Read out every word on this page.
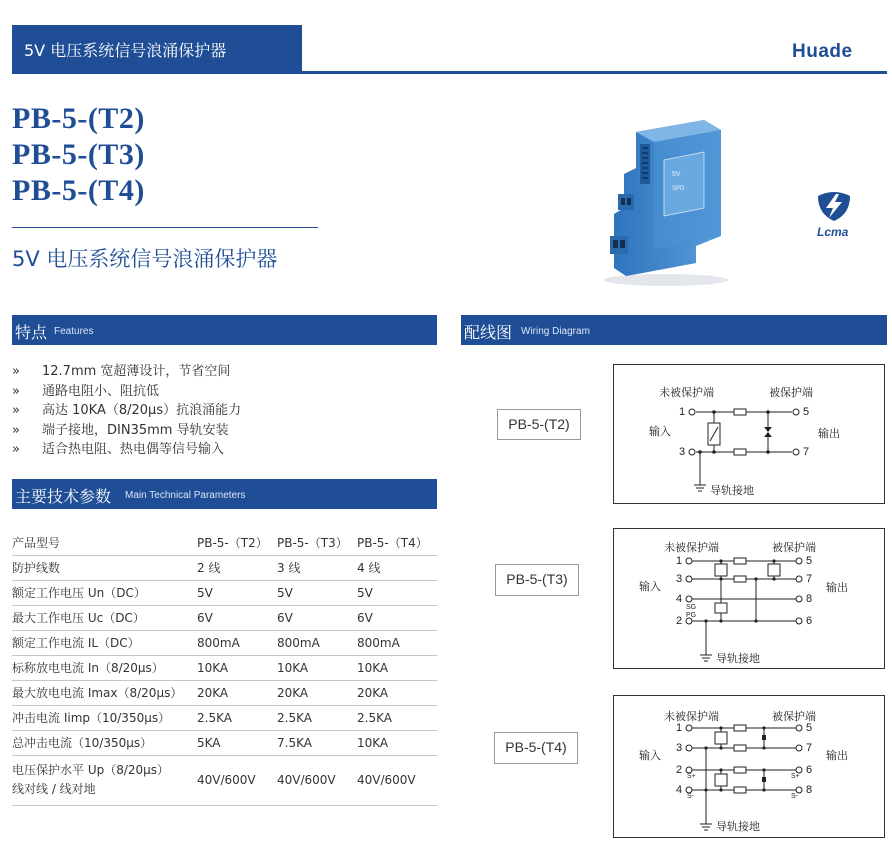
5V 电压系统信号浪涌保护器	Huade
PB-5-(T2)
PB-5-(T3)
PB-5-(T4)
5V 电压系统信号浪涌保护器
5V
SPD
Lcma
特点 Features
» 12.7mm 宽超薄设计，节省空间
» 通路电阻小、阻抗低
» 高达 10KA（8/20μs）抗浪涌能力
» 端子接地，DIN35mm 导轨安装
» 适合热电阻、热电偶等信号输入
主要技术参数 Main Technical Parameters
产品型号	PB-5-（T2）	PB-5-（T3）	PB-5-（T4）
防护线数	2 线	3 线	4 线
额定工作电压 Un（DC）	5V	5V	5V
最大工作电压 Uc（DC）	6V	6V	6V
额定工作电流 IL（DC）	800mA	800mA	800mA
标称放电电流 In（8/20μs）	10KA	10KA	10KA
最大放电电流 Imax（8/20μs）	20KA	20KA	20KA
冲击电流 Iimp（10/350μs）	2.5KA	2.5KA	2.5KA
总冲击电流（10/350μs）	5KA	7.5KA	10KA

电压保护水平 Up（8/20μs）
线对线 / 线对地	40V/600V	40V/600V	40V/600V
配线图 Wiring Diagram
PB-5-(T2)
PB-5-(T3)
PB-5-(T4)
未被保护端	被保护端
输入	输出
导轨接地
1
3
5
7
未被保护端	被保护端
输入	输出
导轨接地
1
3
4
2
5
7
8
6
SG
PG
未被保护端	被保护端
输入	输出
导轨接地
1
3
2
4
5
7
6
8
S+
S-
S+
S-
